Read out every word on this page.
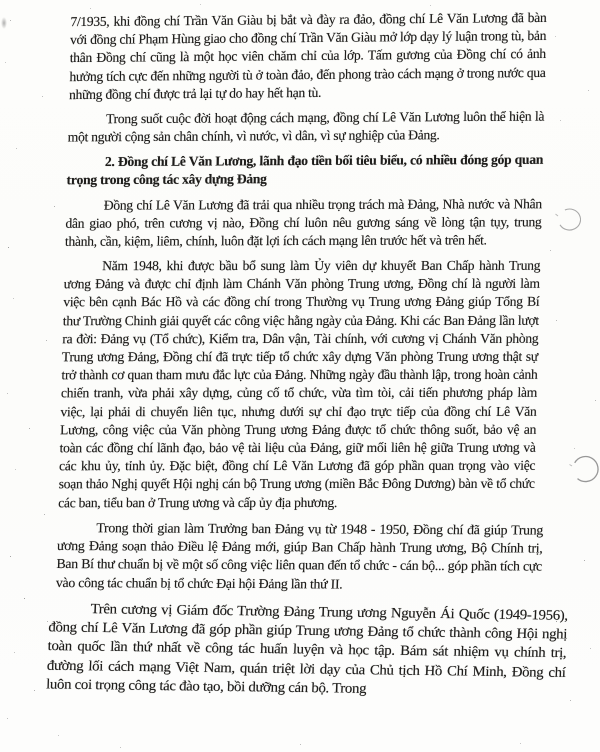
7/1935, khi đồng chí Trần Văn Giàu bị bắt và đày ra đảo, đồng chí Lê Văn Lương đã bàn với đồng chí Phạm Hùng giao cho đồng chí Trần Văn Giàu mở lớp dạy lý luận trong tù, bản thân Đồng chí cũng là một học viên chăm chỉ của lớp. Tấm gương của Đồng chí có ảnh hưởng tích cực đến những người tù ở toàn đảo, đến phong trào cách mạng ở trong nước qua những đồng chí được trả lại tự do hay hết hạn tù.

Trong suốt cuộc đời hoạt động cách mạng, đồng chí Lê Văn Lương luôn thể hiện là một người cộng sản chân chính, vì nước, vì dân, vì sự nghiệp của Đảng.

2. Đồng chí Lê Văn Lương, lãnh đạo tiền bối tiêu biểu, có nhiều đóng góp quan trọng trong công tác xây dựng Đảng

Đồng chí Lê Văn Lương đã trải qua nhiều trọng trách mà Đảng, Nhà nước và Nhân dân giao phó, trên cương vị nào, Đồng chí luôn nêu gương sáng về lòng tận tụy, trung thành, cần, kiệm, liêm, chính, luôn đặt lợi ích cách mạng lên trước hết và trên hết.

Năm 1948, khi được bầu bổ sung làm Ủy viên dự khuyết Ban Chấp hành Trung ương Đảng và được chỉ định làm Chánh Văn phòng Trung ương, Đồng chí là người làm việc bên cạnh Bác Hồ và các đồng chí trong Thường vụ Trung ương Đảng giúp Tổng Bí thư Trường Chinh giải quyết các công việc hằng ngày của Đảng. Khi các Ban Đảng lần lượt ra đời: Đảng vụ (Tổ chức), Kiểm tra, Dân vận, Tài chính, với cương vị Chánh Văn phòng Trung ương Đảng, Đồng chí đã trực tiếp tổ chức xây dựng Văn phòng Trung ương thật sự trở thành cơ quan tham mưu đắc lực của Đảng. Những ngày đầu thành lập, trong hoàn cảnh chiến tranh, vừa phải xây dựng, củng cố tổ chức, vừa tìm tòi, cải tiến phương pháp làm việc, lại phải di chuyển liên tục, nhưng dưới sự chỉ đạo trực tiếp của đồng chí Lê Văn Lương, công việc của Văn phòng Trung ương Đảng được tổ chức thông suốt, bảo vệ an toàn các đồng chí lãnh đạo, bảo vệ tài liệu của Đảng, giữ mối liên hệ giữa Trung ương và các khu ủy, tỉnh ủy. Đặc biệt, đồng chí Lê Văn Lương đã góp phần quan trọng vào việc soạn thảo Nghị quyết Hội nghị cán bộ Trung ương (miền Bắc Đông Dương) bàn về tổ chức các ban, tiểu ban ở Trung ương và cấp ủy địa phương.

Trong thời gian làm Trưởng ban Đảng vụ từ 1948 - 1950, Đồng chí đã giúp Trung ương Đảng soạn thảo Điều lệ Đảng mới, giúp Ban Chấp hành Trung ương, Bộ Chính trị, Ban Bí thư chuẩn bị về một số công việc liên quan đến tổ chức - cán bộ... góp phần tích cực vào công tác chuẩn bị tổ chức Đại hội Đảng lần thứ II.

Trên cương vị Giám đốc Trường Đảng Trung ương Nguyễn Ái Quốc (1949-1956), đồng chí Lê Văn Lương đã góp phần giúp Trung ương Đảng tổ chức thành công Hội nghị toàn quốc lần thứ nhất về công tác huấn luyện và học tập. Bám sát nhiệm vụ chính trị, đường lối cách mạng Việt Nam, quán triệt lời dạy của Chủ tịch Hồ Chí Minh, Đồng chí luôn coi trọng công tác đào tạo, bồi dưỡng cán bộ. Trong
